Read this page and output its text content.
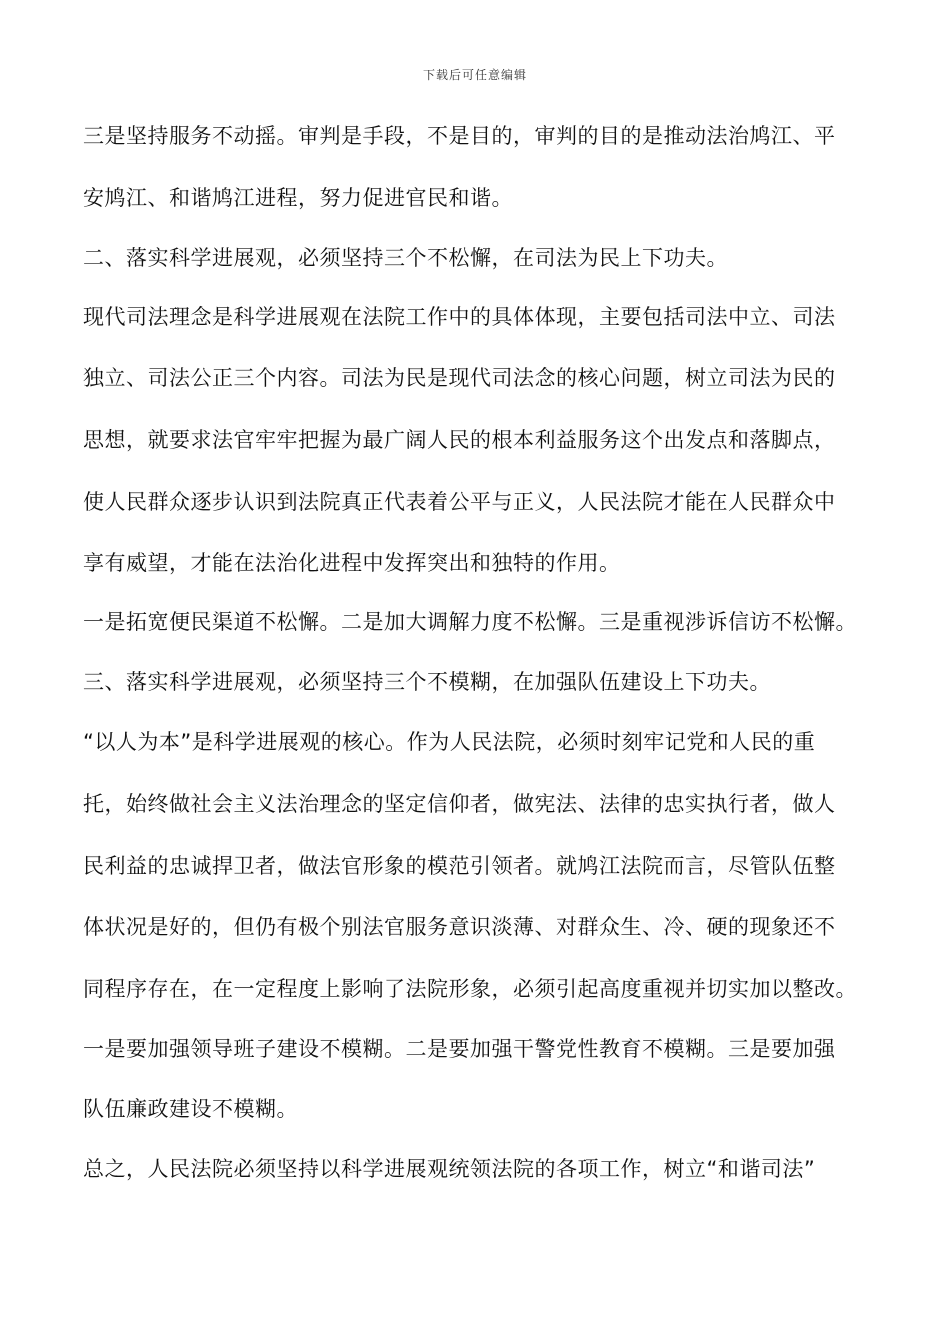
下载后可任意编辑
三是坚持服务不动摇。审判是手段，不是目的，审判的目的是推动法治鸠江、平
安鸠江、和谐鸠江进程，努力促进官民和谐。
二、落实科学进展观，必须坚持三个不松懈，在司法为民上下功夫。
现代司法理念是科学进展观在法院工作中的具体体现，主要包括司法中立、司法
独立、司法公正三个内容。司法为民是现代司法念的核心问题，树立司法为民的
思想，就要求法官牢牢把握为最广阔人民的根本利益服务这个出发点和落脚点，
使人民群众逐步认识到法院真正代表着公平与正义，人民法院才能在人民群众中
享有威望，才能在法治化进程中发挥突出和独特的作用。
一是拓宽便民渠道不松懈。二是加大调解力度不松懈。三是重视涉诉信访不松懈。
三、落实科学进展观，必须坚持三个不模糊，在加强队伍建设上下功夫。
“以人为本”是科学进展观的核心。作为人民法院，必须时刻牢记党和人民的重
托，始终做社会主义法治理念的坚定信仰者，做宪法、法律的忠实执行者，做人
民利益的忠诚捍卫者，做法官形象的模范引领者。就鸠江法院而言，尽管队伍整
体状况是好的，但仍有极个别法官服务意识淡薄、对群众生、冷、硬的现象还不
同程序存在，在一定程度上影响了法院形象，必须引起高度重视并切实加以整改。
一是要加强领导班子建设不模糊。二是要加强干警党性教育不模糊。三是要加强
队伍廉政建设不模糊。
总之，人民法院必须坚持以科学进展观统领法院的各项工作，树立“和谐司法”
